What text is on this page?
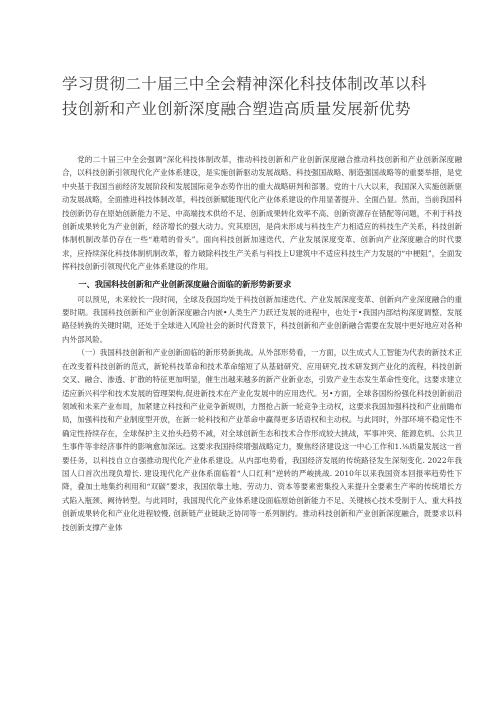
学习贯彻二十届三中全会精神深化科技体制改革以科
技创新和产业创新深度融合塑造高质量发展新优势

党的二十届三中全会强调“深化科技体制改革，推动科技创新和产业创新深度融合推动科技创新和产业创新深度融合，以科技创新引领现代化产业体系建设，是实施创新驱动发展战略、科技强国战略、制造强国战略等的重要举措，是党中央基于我国当前经济发展阶段和发展国际竞争态势作出的重大战略研判和部署。党的十八大以来，我国深入实施创新驱动发展战略，全面推进科技体制改革，科技创新赋能现代化产业体系建设的作用显著提升、全面凸显。然而，当前我国科技创新仍存在原始创新能力不足、中高端技术供给不足、创新成果转化效率不高、创新资源存在错配等问题，不利于科技创新成果转化为产业创新，经济增长的强大动力。究其原因，是尚未形成与科技生产力相适应的科技生产关系，科技创新体制机制改革仍存在一些“难啃的骨头”。面向科技创新加速迭代、产业发展深度变革、创新向产业深度融合的时代要求，应持续深化科技体制机制改革，着力破除科技生产关系与科技上U建筑中不适应科技生产力发展的“中梗阻”，全面发挥科技创新引领现代化产业体系建设的作用。

一、我国科技创新和产业创新深度融合面临的新形势新要求

可以预见，未来较长一段时间，全球及我国均处于科技创新加速迭代、产业发展深度变革、创新向产业深度融合的重要时期。我国科技创新和产业创新深度融合内嵌•人类生产力跃迁发展的进程中，也处于•我国内部结构深度调整、发展路径转换的关键时期，还处于全球进入风险社会的新时代背景下，科技创新和产业创新融合需要在发展中更好地应对各种内外部风险。

（一）我国科技创新和产业创新面临的新形势新挑战。从外部形势看，一方面，以生成式人工智能为代表的新技术正在改变着科技创新的范式，新轮科技革命和技术革命缩短了从基础研究、应用研究,技术研发到产业化的流程，科技创新交叉、融合、渗透、扩散的特征更加明显，催生出越来越多的新产业新业态，引致产业生态发生革命性变化，这要求建立适应新兴科学和技术发展的管理架构,促进新技术在产业化发展中的应用迭代。另•方面，全球各国纷纷强化科技创新前沿领域和未来产业布局，加紧建立科技和产业竞争新规则，力图抢占新一轮竞争主动权，这要求我国加强科技和产业前瞻布局，加强科技和产业制度型开放，在新一轮科技和产业革命中赢得更多话语权和主动权。与此同时，外部环境不稳定性不确定性持续存在，全球保护主义抬头趋势不减，对全球创新生态和技术合作形成较大挑战，军事冲突、能源危机、公共卫生事件等非经济事件的影响愈加深远。这要求我国持续增强战略定力，聚焦经济建设这一中心工作和1.⅛质量发展这一首要任务，以科技自立自强推动现代化产业体系建设。从内部电势看，我国经济发展的传统路径发生深刻变化. 2022年我国人口首次出现负增长. 建设现代化产业体系面临着“人口红利”逆转的严峻挑战. 2010年以来我国资本回报率趋势性下降，叠加土地集约利用和“双碳”要求，我国依靠土地、劳动力、资本等要素密集投入来提升全要素生产率的传统增长方式陷入瓶颈、阙待转型。与此同时，我国现代化产业体系建设面临原始创新能力不足、关键核心技术受制于人、重大科技创新成果转化和产业化进程较慢, 创新链产业链缺乏协同等一系列制约。推动科技创新和产业创新深度融合，既要求以科技创新支撑产业体
